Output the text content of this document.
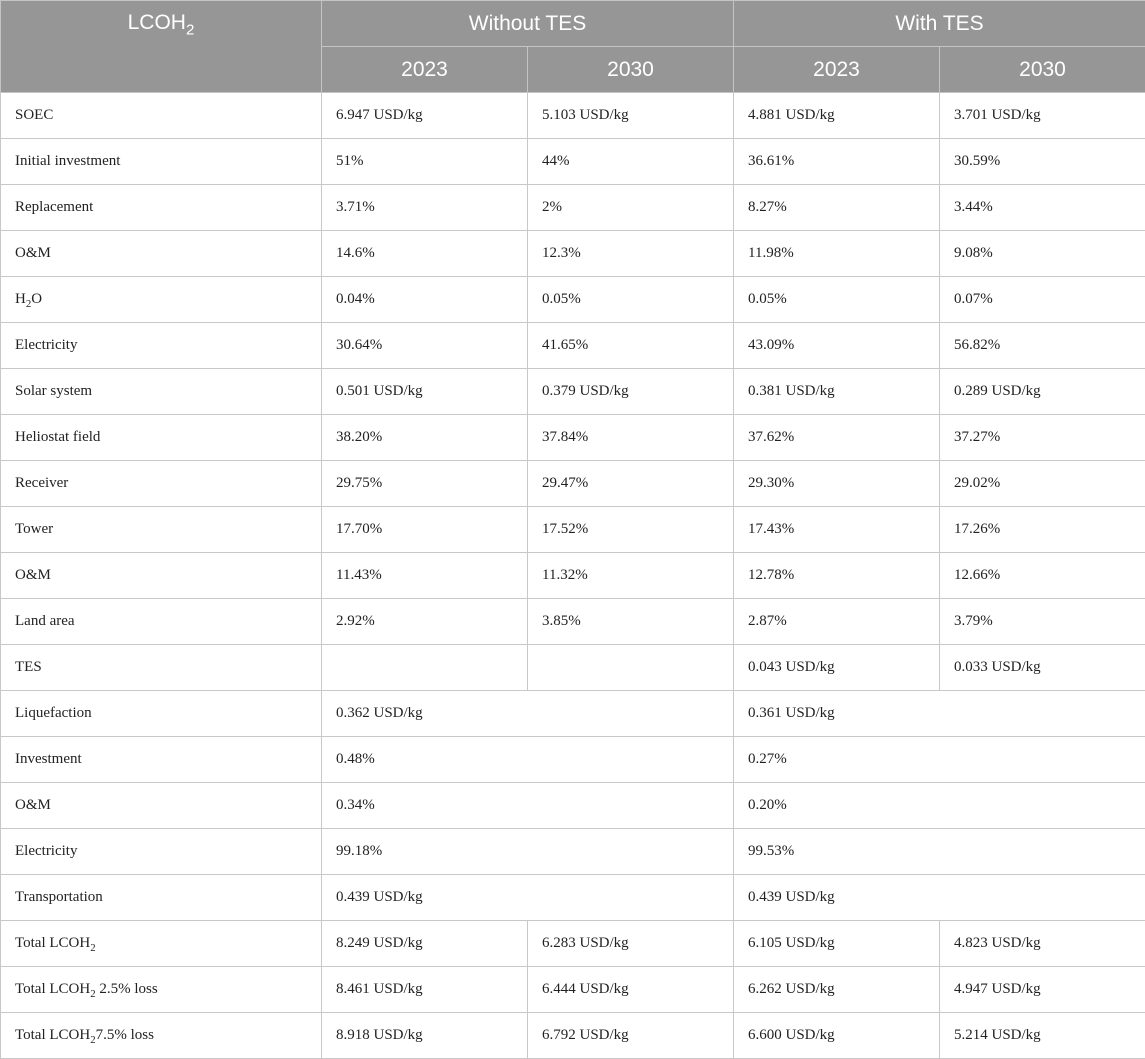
$LCOH_2$	Without TES		With TES	
	2023	2030	2023	2030
SOEC	6.947 USD/kg	5.103 USD/kg	4.881 USD/kg	3.701 USD/kg
Initial investment	51%	44%	36.61%	30.59%
Replacement	3.71%	2%	8.27%	3.44%
O&M	14.6%	12.3%	11.98%	9.08%
$H_2O$	0.04%	0.05%	0.05%	0.07%
Electricity	30.64%	41.65%	43.09%	56.82%
Solar system	0.501 USD/kg	0.379 USD/kg	0.381 USD/kg	0.289 USD/kg
Heliostat field	38.20%	37.84%	37.62%	37.27%
Receiver	29.75%	29.47%	29.30%	29.02%
Tower	17.70%	17.52%	17.43%	17.26%
O&M	11.43%	11.32%	12.78%	12.66%
Land area	2.92%	3.85%	2.87%	3.79%
TES			0.043 USD/kg	0.033 USD/kg
Liquefaction	0.362 USD/kg		0.361 USD/kg	
Investment	0.48%		0.27%	
O&M	0.34%		0.20%	
Electricity	99.18%		99.53%	
Transportation	0.439 USD/kg		0.439 USD/kg	
Total $LCOH_2$	8.249 USD/kg	6.283 USD/kg	6.105 USD/kg	4.823 USD/kg
Total $LCOH_2$ 2.5% loss	8.461 USD/kg	6.444 USD/kg	6.262 USD/kg	4.947 USD/kg
Total $LCOH_27.5\%$ loss	8.918 USD/kg	6.792 USD/kg	6.600 USD/kg	5.214 USD/kg
